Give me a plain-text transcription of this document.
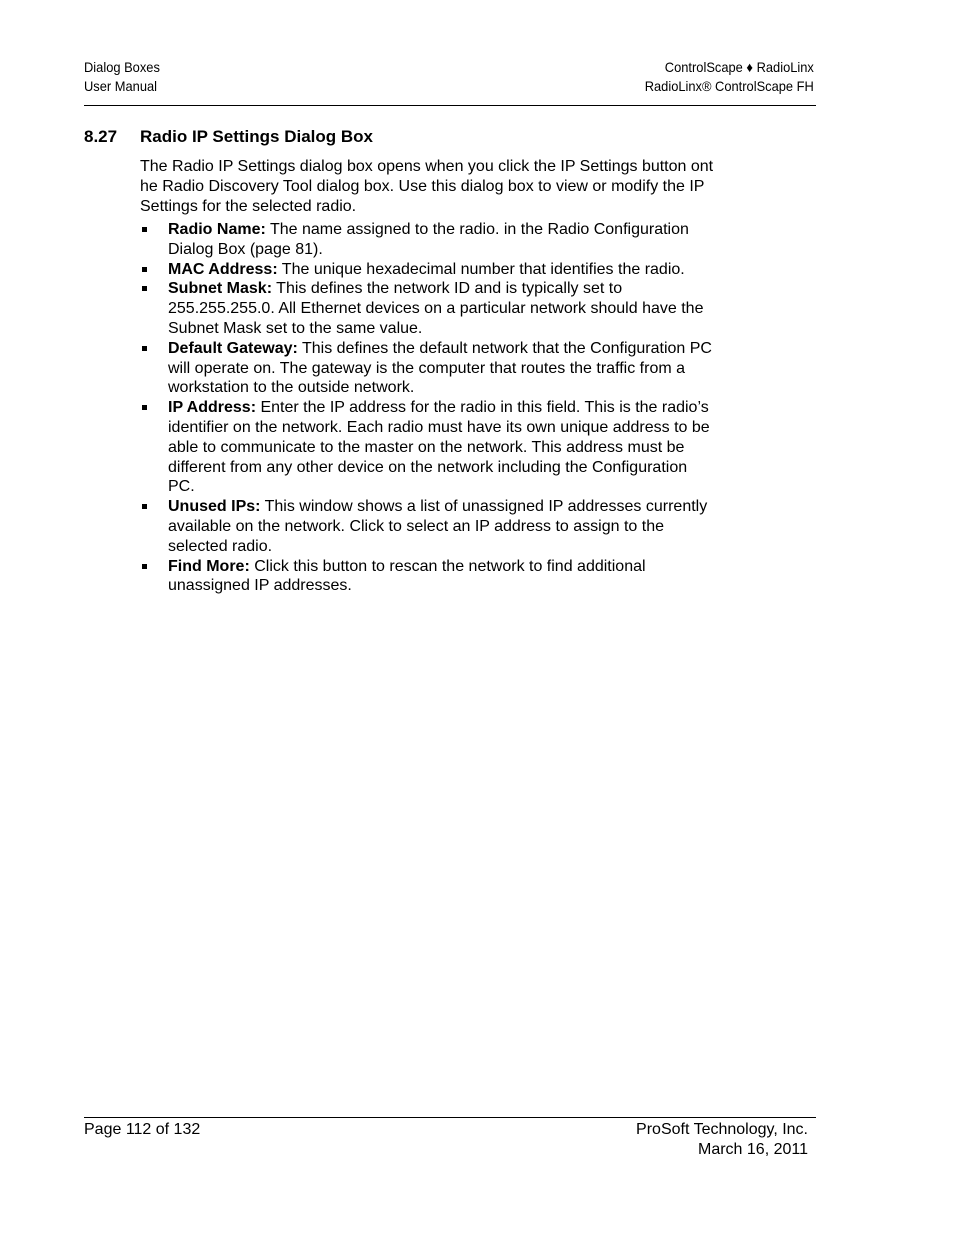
Dialog Boxes
User Manual
ControlScape ♦ RadioLinx
RadioLinx® ControlScape FH
8.27 Radio IP Settings Dialog Box

The Radio IP Settings dialog box opens when you click the IP Settings button ont
he Radio Discovery Tool dialog box. Use this dialog box to view or modify the IP
Settings for the selected radio.

Radio Name: The name assigned to the radio. in the Radio Configuration
Dialog Box (page 81).
MAC Address: The unique hexadecimal number that identifies the radio.
Subnet Mask: This defines the network ID and is typically set to
255.255.255.0. All Ethernet devices on a particular network should have the
Subnet Mask set to the same value.
Default Gateway: This defines the default network that the Configuration PC
will operate on. The gateway is the computer that routes the traffic from a
workstation to the outside network.
IP Address: Enter the IP address for the radio in this field. This is the radio’s
identifier on the network. Each radio must have its own unique address to be
able to communicate to the master on the network. This address must be
different from any other device on the network including the Configuration
PC.
Unused IPs: This window shows a list of unassigned IP addresses currently
available on the network. Click to select an IP address to assign to the
selected radio.
Find More: Click this button to rescan the network to find additional
unassigned IP addresses.
Page 112 of 132	ProSoft Technology, Inc.
March 16, 2011
